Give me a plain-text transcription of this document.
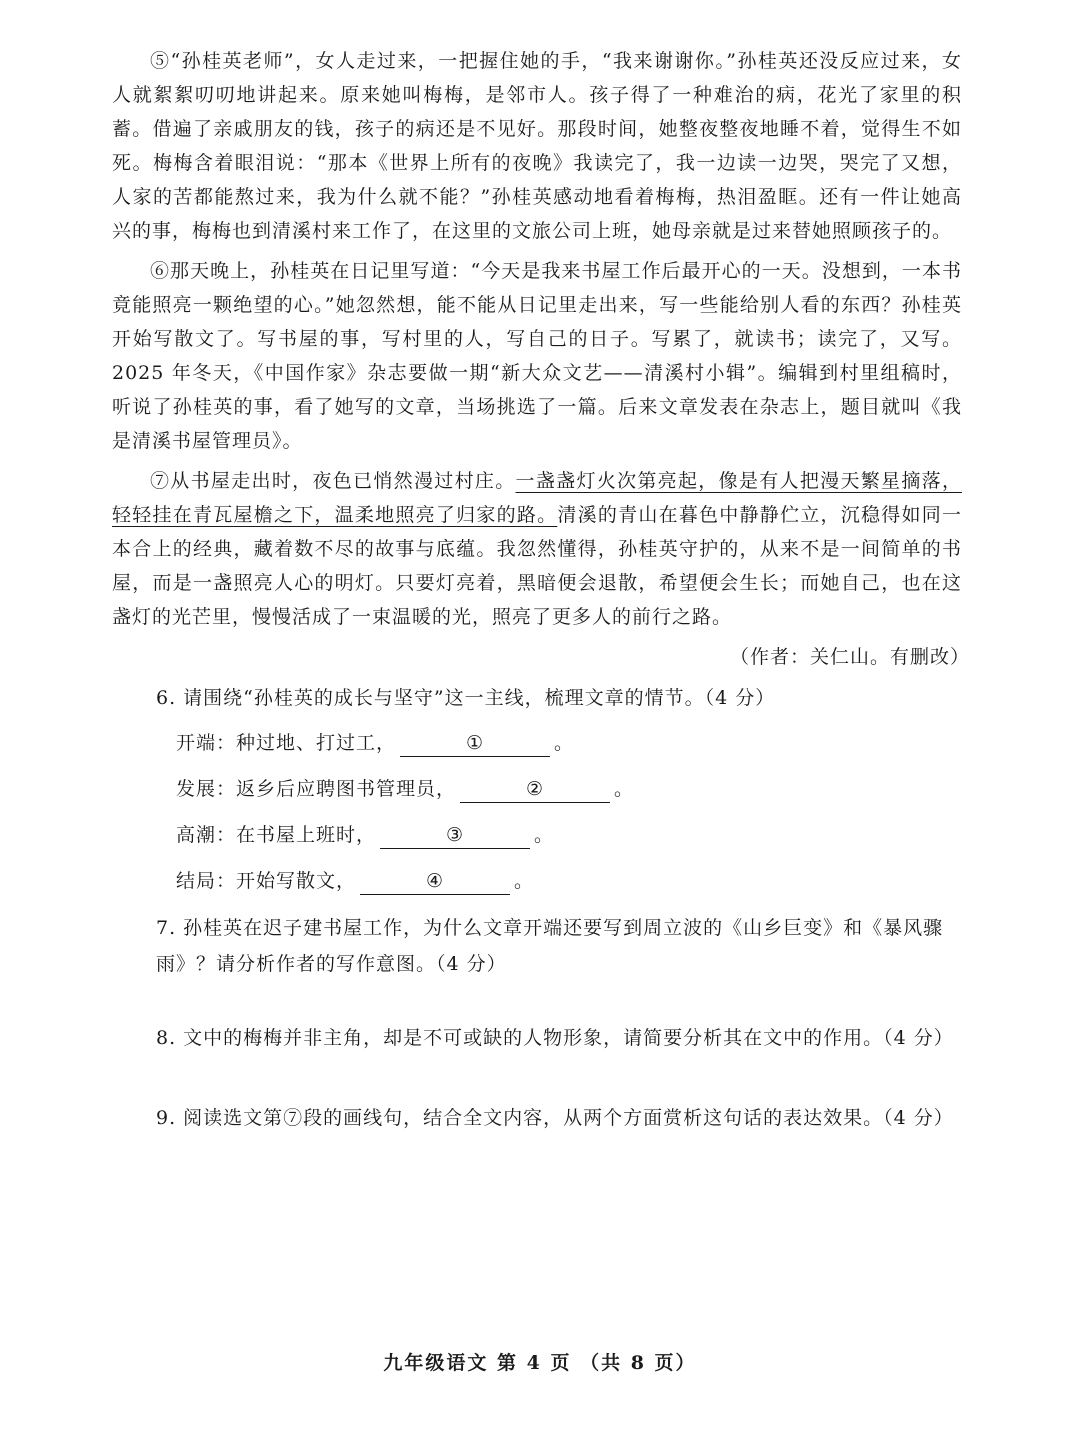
⑤“孙桂英老师”，女人走过来，一把握住她的手，“我来谢谢你。”孙桂英还没反应过来，女人就絮絮叨叨地讲起来。原来她叫梅梅，是邻市人。孩子得了一种难治的病，花光了家里的积蓄。借遍了亲戚朋友的钱，孩子的病还是不见好。那段时间，她整夜整夜地睡不着，觉得生不如死。梅梅含着眼泪说：“那本《世界上所有的夜晚》我读完了，我一边读一边哭，哭完了又想，人家的苦都能熬过来，我为什么就不能？”孙桂英感动地看着梅梅，热泪盈眶。还有一件让她高兴的事，梅梅也到清溪村来工作了，在这里的文旅公司上班，她母亲就是过来替她照顾孩子的。

⑥那天晚上，孙桂英在日记里写道：“今天是我来书屋工作后最开心的一天。没想到，一本书竟能照亮一颗绝望的心。”她忽然想，能不能从日记里走出来，写一些能给别人看的东西？孙桂英开始写散文了。写书屋的事，写村里的人，写自己的日子。写累了，就读书；读完了，又写。2025 年冬天，《中国作家》杂志要做一期“新大众文艺——清溪村小辑”。编辑到村里组稿时，听说了孙桂英的事，看了她写的文章，当场挑选了一篇。后来文章发表在杂志上，题目就叫《我是清溪书屋管理员》。

⑦从书屋走出时，夜色已悄然漫过村庄。一盏盏灯火次第亮起，像是有人把漫天繁星摘落，轻轻挂在青瓦屋檐之下，温柔地照亮了归家的路。清溪的青山在暮色中静静伫立，沉稳得如同一本合上的经典，藏着数不尽的故事与底蕴。我忽然懂得，孙桂英守护的，从来不是一间简单的书屋，而是一盏照亮人心的明灯。只要灯亮着，黑暗便会退散，希望便会生长；而她自己，也在这盏灯的光芒里，慢慢活成了一束温暖的光，照亮了更多人的前行之路。

（作者：关仁山。有删改）
6. 请围绕“孙桂英的成长与坚守”这一主线，梳理文章的情节。（4 分）
开端：种过地、打过工，	①	。
发展：返乡后应聘图书管理员，	②	。
高潮：在书屋上班时，	③	。
结局：开始写散文，	④	。
7. 孙桂英在迟子建书屋工作，为什么文章开端还要写到周立波的《山乡巨变》和《暴风骤雨》？请分析作者的写作意图。（4 分）
8. 文中的梅梅并非主角，却是不可或缺的人物形象，请简要分析其在文中的作用。（4 分）
9. 阅读选文第⑦段的画线句，结合全文内容，从两个方面赏析这句话的表达效果。（4 分）
九年级语文 第 4 页 （共 8 页）
